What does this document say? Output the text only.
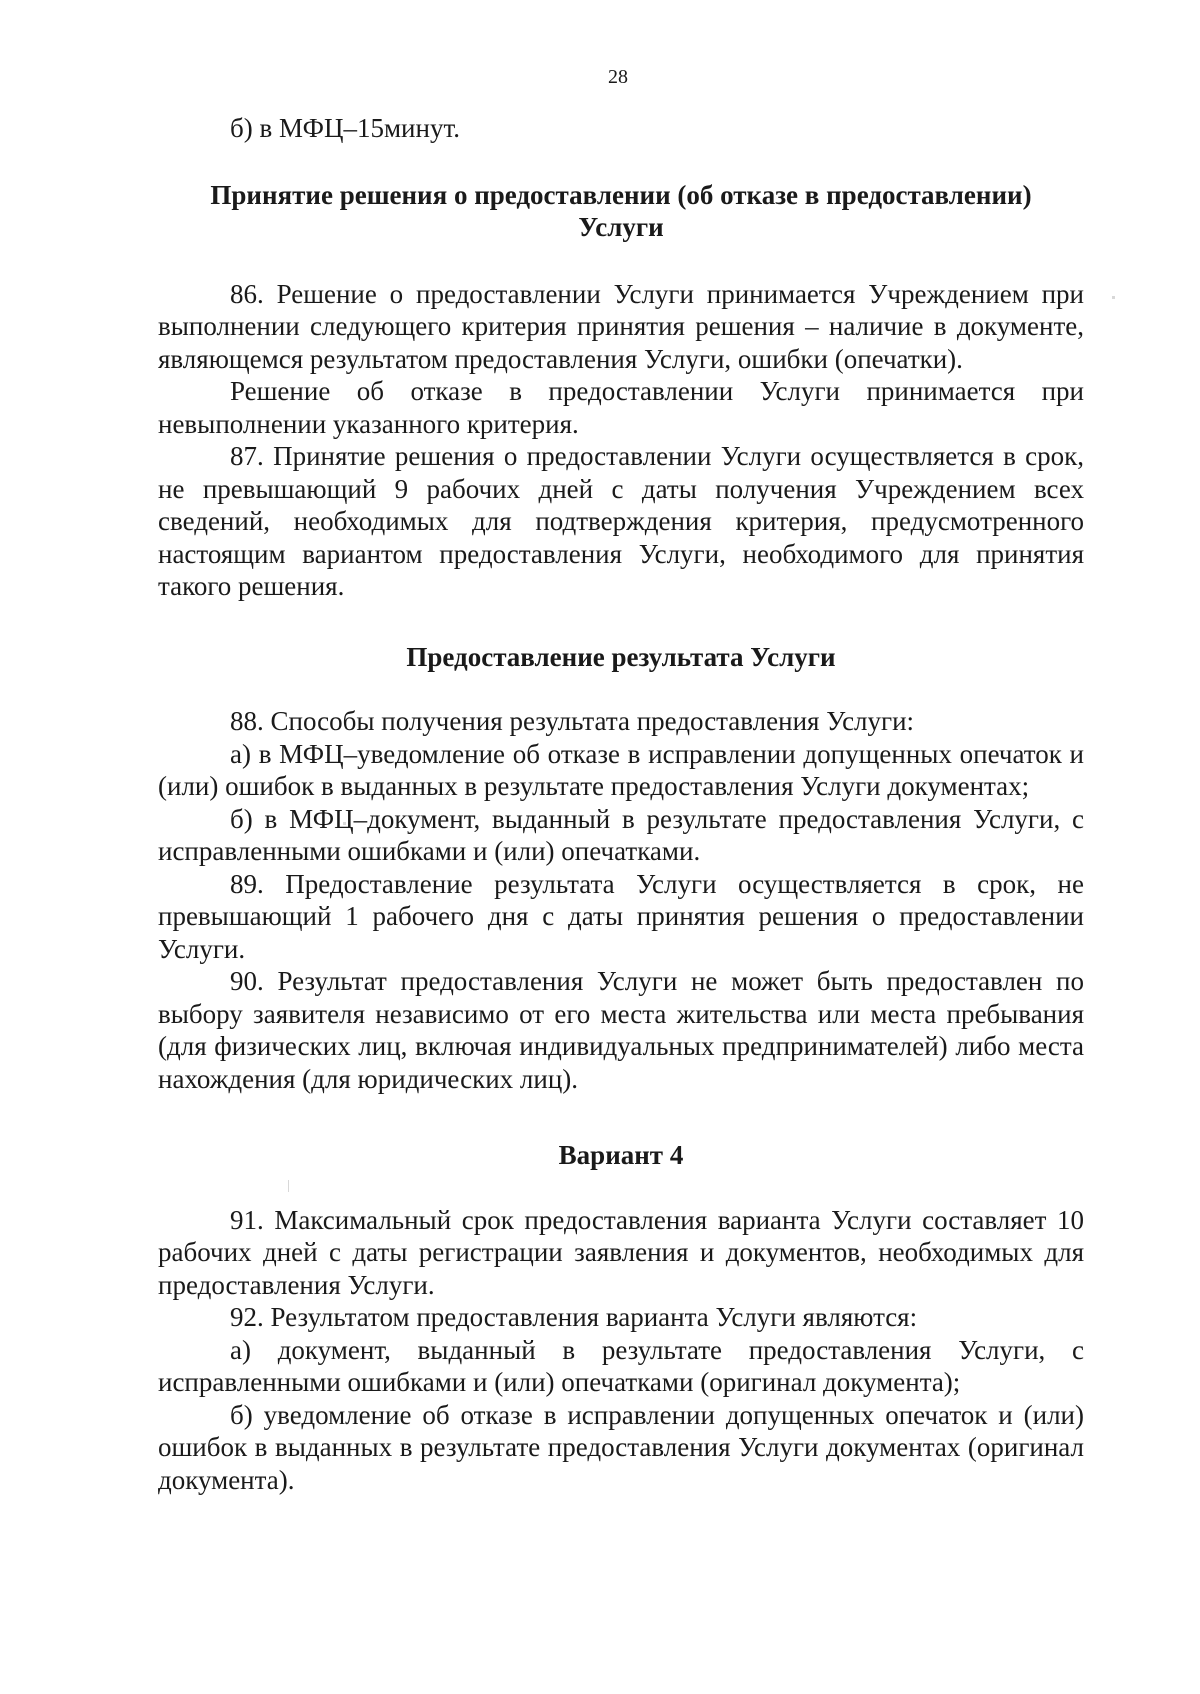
28

б) в МФЦ–15минут.

Принятие решения о предоставлении (об отказе в предоставлении)
Услуги

86. Решение о предоставлении Услуги принимается Учреждением при выполнении следующего критерия принятия решения – наличие в документе, являющемся результатом предоставления Услуги, ошибки (опечатки).

Решение об отказе в предоставлении Услуги принимается при невыполнении указанного критерия.

87. Принятие решения о предоставлении Услуги осуществляется в срок, не превышающий 9 рабочих дней с даты получения Учреждением всех сведений, необходимых для подтверждения критерия, предусмотренного настоящим вариантом предоставления Услуги, необходимого для принятия такого решения.

Предоставление результата Услуги

88. Способы получения результата предоставления Услуги:

а) в МФЦ–уведомление об отказе в исправлении допущенных опечаток и (или) ошибок в выданных в результате предоставления Услуги документах;

б) в МФЦ–документ, выданный в результате предоставления Услуги, с исправленными ошибками и (или) опечатками.

89. Предоставление результата Услуги осуществляется в срок, не превышающий 1 рабочего дня с даты принятия решения о предоставлении Услуги.

90. Результат предоставления Услуги не может быть предоставлен по выбору заявителя независимо от его места жительства или места пребывания (для физических лиц, включая индивидуальных предпринимателей) либо места нахождения (для юридических лиц).

Вариант 4

91. Максимальный срок предоставления варианта Услуги составляет 10 рабочих дней с даты регистрации заявления и документов, необходимых для предоставления Услуги.

92. Результатом предоставления варианта Услуги являются:

а) документ, выданный в результате предоставления Услуги, с исправленными ошибками и (или) опечатками (оригинал документа);

б) уведомление об отказе в исправлении допущенных опечаток и (или) ошибок в выданных в результате предоставления Услуги документах (оригинал документа).
